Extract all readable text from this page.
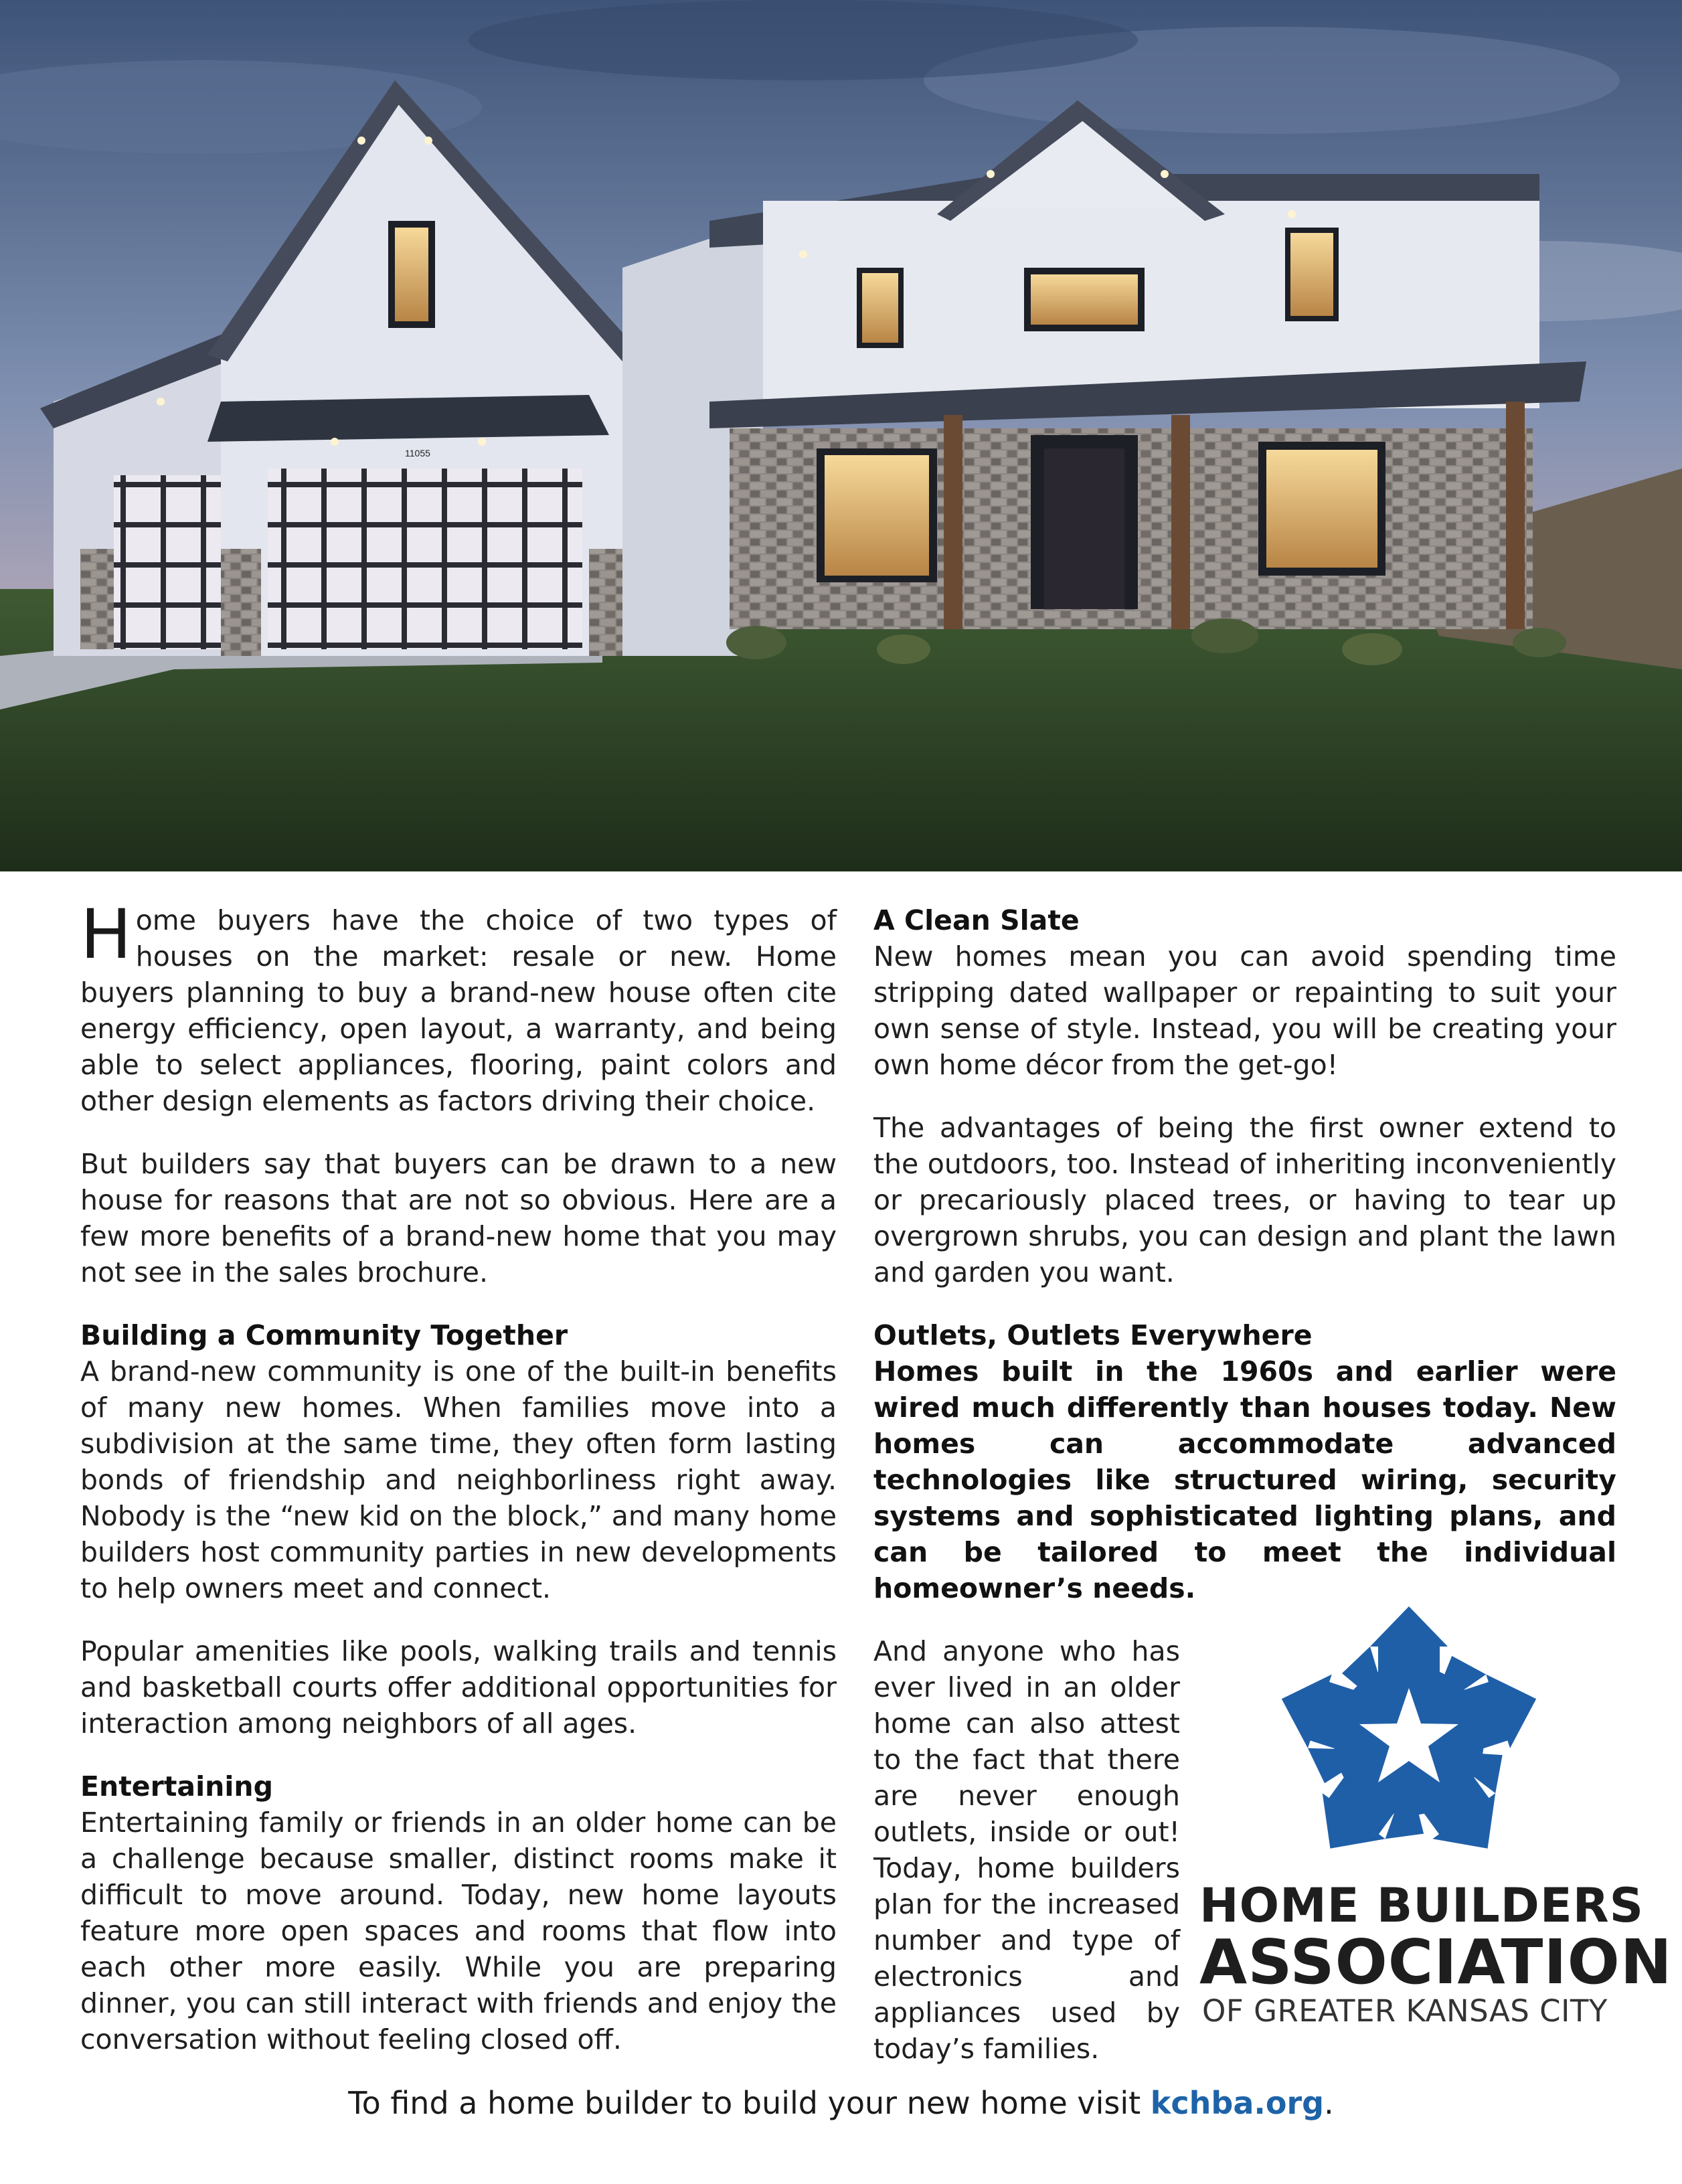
11055

Home buyers have the choice of two types of houses on the market: resale or new. Home buyers planning to buy a brand-new house often cite energy efficiency, open layout, a warranty, and being able to select appliances, flooring, paint colors and other design elements as factors driving their choice.

But builders say that buyers can be drawn to a new house for reasons that are not so obvious. Here are a few more benefits of a brand-new home that you may not see in the sales brochure.

Building a Community Together

A brand-new community is one of the built-in benefits of many new homes. When families move into a subdivision at the same time, they often form lasting bonds of friendship and neighborliness right away. Nobody is the “new kid on the block,” and many home builders host community parties in new developments to help owners meet and connect.

Popular amenities like pools, walking trails and tennis and basketball courts offer additional opportunities for interaction among neighbors of all ages.

Entertaining

Entertaining family or friends in an older home can be a challenge because smaller, distinct rooms make it difficult to move around. Today, new home layouts feature more open spaces and rooms that flow into each other more easily. While you are preparing dinner, you can still interact with friends and enjoy the conversation without feeling closed off.

A Clean Slate

New homes mean you can avoid spending time stripping dated wallpaper or repainting to suit your own sense of style. Instead, you will be creating your own home décor from the get-go!

The advantages of being the first owner extend to the outdoors, too. Instead of inheriting inconveniently or precariously placed trees, or having to tear up overgrown shrubs, you can design and plant the lawn and garden you want.

Outlets, Outlets Everywhere

Homes built in the 1960s and earlier were wired much differently than houses today. New homes can accommodate advanced technologies like structured wiring, security systems and sophisticated lighting plans, and can be tailored to meet the individual homeowner’s needs.

And anyone who has ever lived in an older home can also attest to the fact that there are never enough outlets, inside or out! Today, home builders plan for the increased number and type of electronics and appliances used by today’s families.

HOME BUILDERS

ASSOCIATION

OF GREATER KANSAS CITY

To find a home builder to build your new home visit kchba.org.
